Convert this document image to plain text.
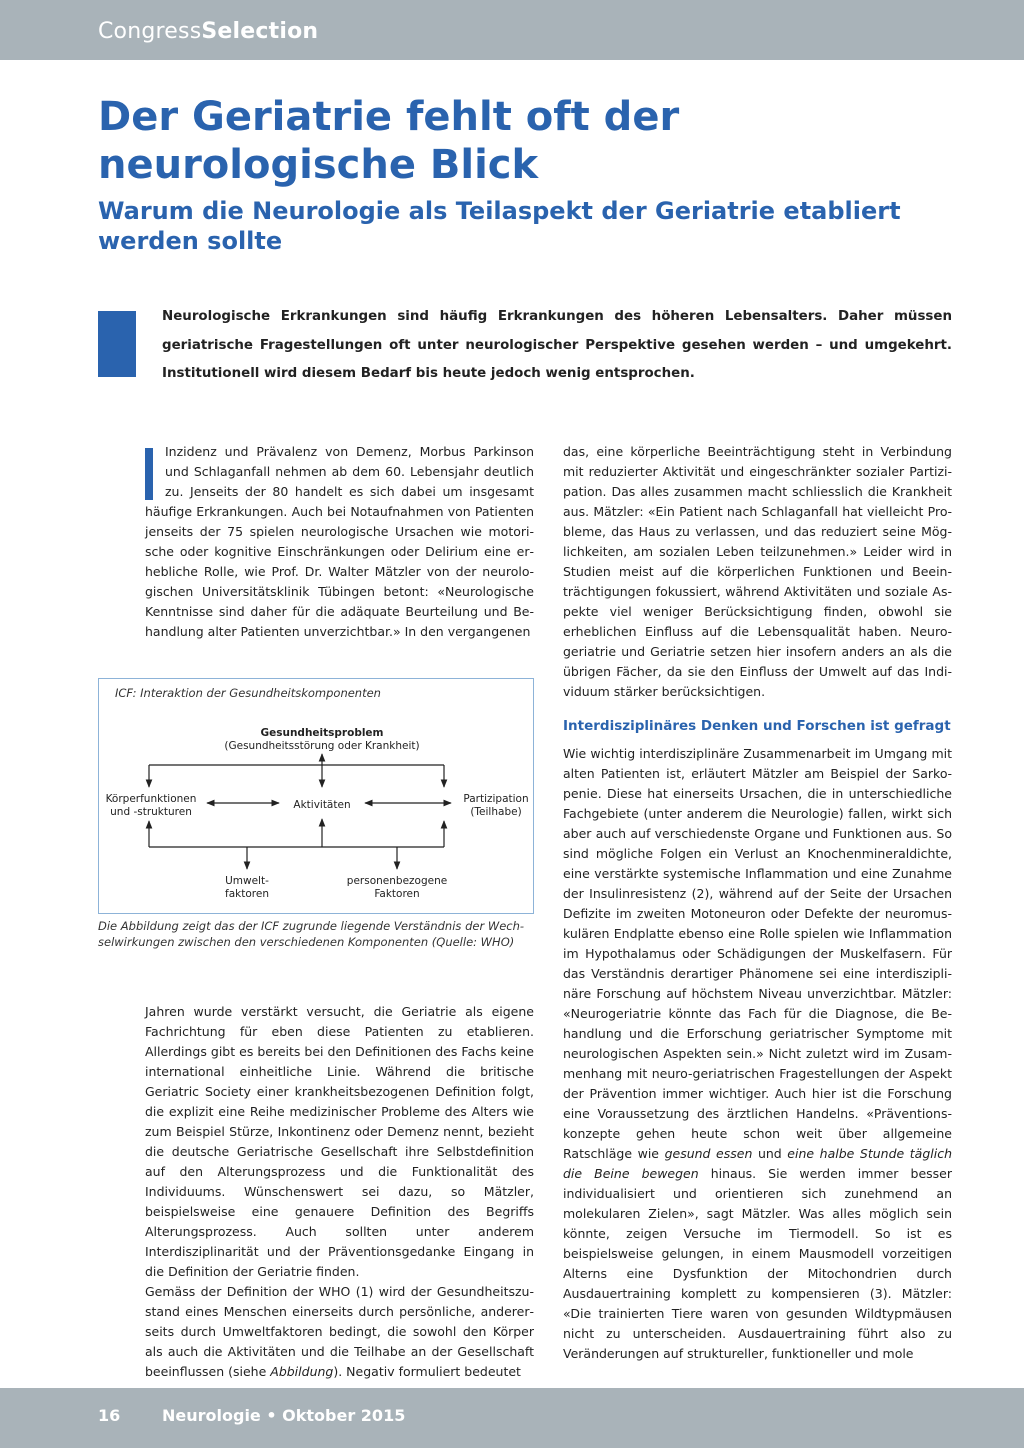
CongressSelection
Der Geriatrie fehlt oft der neurologische Blick
Warum die Neurologie als Teilaspekt der Geriatrie etabliert werden sollte

Neurologische Erkrankungen sind häufig Erkrankungen des höheren Lebensalters. Daher müssen geriatrische Fragestellungen oft unter neurologischer Perspektive gesehen werden – und umgekehrt. Institutionell wird diesem Bedarf bis heute jedoch wenig entsprochen.

Inzidenz und Prävalenz von Demenz, Morbus Parkinson und Schlaganfall nehmen ab dem 60. Lebensjahr deutlich zu. Jenseits der 80 handelt es sich dabei um insgesamt häufige Erkrankungen. Auch bei Notaufnahmen von Patienten jenseits der 75 spielen neurologische Ursachen wie motorische oder kognitive Einschränkungen oder Delirium eine erhebliche Rolle, wie Prof. Dr. Walter Mätzler von der neurologischen Universitätsklinik Tübingen betont: «Neurologische Kenntnisse sind daher für die adäquate Beurteilung und Behandlung alter Patienten unverzichtbar.» In den vergangenen

ICF: Interaktion der Gesundheitskomponenten
Gesundheitsproblem
(Gesundheitsstörung oder Krankheit)
Körperfunktionen
und -strukturen
Aktivitäten	Partizipation
(Teilhabe)
Umwelt-
faktoren
personenbezogene
Faktoren

Die Abbildung zeigt das der ICF zugrunde liegende Verständnis der Wechselwirkungen zwischen den verschiedenen Komponenten (Quelle: WHO)

Jahren wurde verstärkt versucht, die Geriatrie als eigene Fachrichtung für eben diese Patienten zu etablieren. Allerdings gibt es bereits bei den Definitionen des Fachs keine international einheitliche Linie. Während die britische Geriatric Society einer krankheitsbezogenen Definition folgt, die explizit eine Reihe medizinischer Probleme des Alters wie zum Beispiel Stürze, Inkontinenz oder Demenz nennt, bezieht die deutsche Geriatrische Gesellschaft ihre Selbstdefinition auf den Alterungsprozess und die Funktionalität des Individuums. Wünschenswert sei dazu, so Mätzler, beispielsweise eine genauere Definition des Begriffs Alterungsprozess. Auch sollten unter anderem Interdisziplinarität und der Präventionsgedanke Eingang in die Definition der Geriatrie finden.

Gemäss der Definition der WHO (1) wird der Gesundheitszustand eines Menschen einerseits durch persönliche, andererseits durch Umweltfaktoren bedingt, die sowohl den Körper als auch die Aktivitäten und die Teilhabe an der Gesellschaft beeinflussen (siehe Abbildung). Negativ formuliert bedeutet

das, eine körperliche Beeinträchtigung steht in Verbindung mit reduzierter Aktivität und eingeschränkter sozialer Partizipation. Das alles zusammen macht schliesslich die Krankheit aus. Mätzler: «Ein Patient nach Schlaganfall hat vielleicht Probleme, das Haus zu verlassen, und das reduziert seine Möglichkeiten, am sozialen Leben teilzunehmen.» Leider wird in Studien meist auf die körperlichen Funktionen und Beeinträchtigungen fokussiert, während Aktivitäten und soziale Aspekte viel weniger Berücksichtigung finden, obwohl sie erheblichen Einfluss auf die Lebensqualität haben. Neurogeriatrie und Geriatrie setzen hier insofern anders an als die übrigen Fächer, da sie den Einfluss der Umwelt auf das Individuum stärker berücksichtigen.

Interdisziplinäres Denken und Forschen ist gefragt

Wie wichtig interdisziplinäre Zusammenarbeit im Umgang mit alten Patienten ist, erläutert Mätzler am Beispiel der Sarkopenie. Diese hat einerseits Ursachen, die in unterschiedliche Fachgebiete (unter anderem die Neurologie) fallen, wirkt sich aber auch auf verschiedenste Organe und Funktionen aus. So sind mögliche Folgen ein Verlust an Knochenmineraldichte, eine verstärkte systemische Inflammation und eine Zunahme der Insulinresistenz (2), während auf der Seite der Ursachen Defizite im zweiten Motoneuron oder Defekte der neuromuskulären Endplatte ebenso eine Rolle spielen wie Inflammation im Hypothalamus oder Schädigungen der Muskelfasern. Für das Verständnis derartiger Phänomene sei eine interdisziplinäre Forschung auf höchstem Niveau unverzichtbar. Mätzler: «Neurogeriatrie könnte das Fach für die Diagnose, die Behandlung und die Erforschung geriatrischer Symptome mit neurologischen Aspekten sein.» Nicht zuletzt wird im Zusammenhang mit neuro-geriatrischen Fragestellungen der Aspekt der Prävention immer wichtiger. Auch hier ist die Forschung eine Voraussetzung des ärztlichen Handelns. «Präventionskonzepte gehen heute schon weit über allgemeine Ratschläge wie gesund essen und eine halbe Stunde täglich die Beine bewegen hinaus. Sie werden immer besser individualisiert und orientieren sich zunehmend an molekularen Zielen», sagt Mätzler. Was alles möglich sein könnte, zeigen Versuche im Tiermodell. So ist es beispielsweise gelungen, in einem Mausmodell vorzeitigen Alterns eine Dysfunktion der Mitochondrien durch Ausdauertraining komplett zu kompensieren (3). Mätzler: «Die trainierten Tiere waren von gesunden Wildtypmäusen nicht zu unterscheiden. Ausdauertraining führt also zu Veränderungen auf struktureller, funktioneller und mole

16	Neurologie • Oktober 2015
